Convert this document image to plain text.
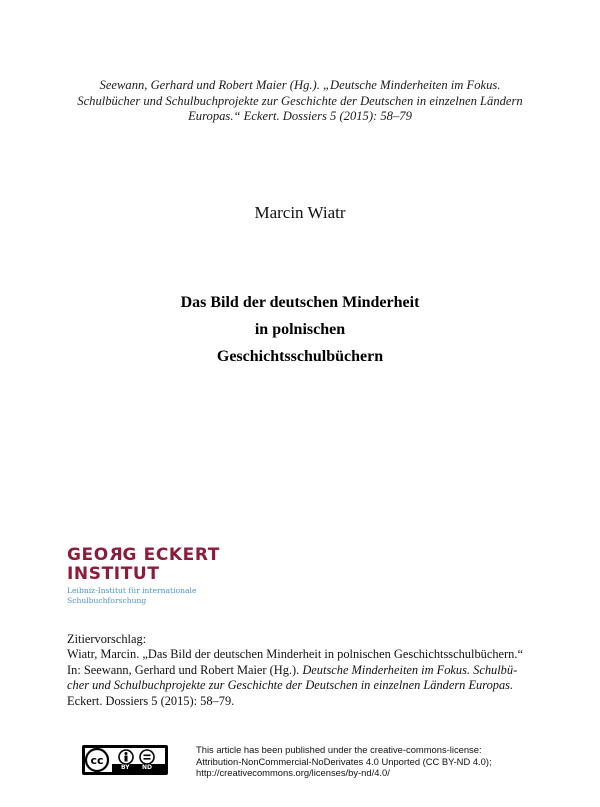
Seewann, Gerhard und Robert Maier (Hg.). „Deutsche Minderheiten im Fokus.
Schulbücher und Schulbuchprojekte zur Geschichte der Deutschen in einzelnen Ländern
Europas.“ Eckert. Dossiers 5 (2015): 58–79
Marcin Wiatr
Das Bild der deutschen Minderheit
in polnischen
Geschichtsschulbüchern
GEORG ECKERT
INSTITUT
Leibniz-Institut für internationale
Schulbuchforschung
Zitiervorschlag:
Wiatr, Marcin. „Das Bild der deutschen Minderheit in polnischen Geschichtsschulbüchern.“
In: Seewann, Gerhard und Robert Maier (Hg.). Deutsche Minderheiten im Fokus. Schulbü-
cher und Schulbuchprojekte zur Geschichte der Deutschen in einzelnen Ländern Europas.
Eckert. Dossiers 5 (2015): 58–79.
cc
BY ND
This article has been published under the creative-commons-license:
Attribution-NonCommercial-NoDerivates 4.0 Unported (CC BY-ND 4.0);
http://creativecommons.org/licenses/by-nd/4.0/
